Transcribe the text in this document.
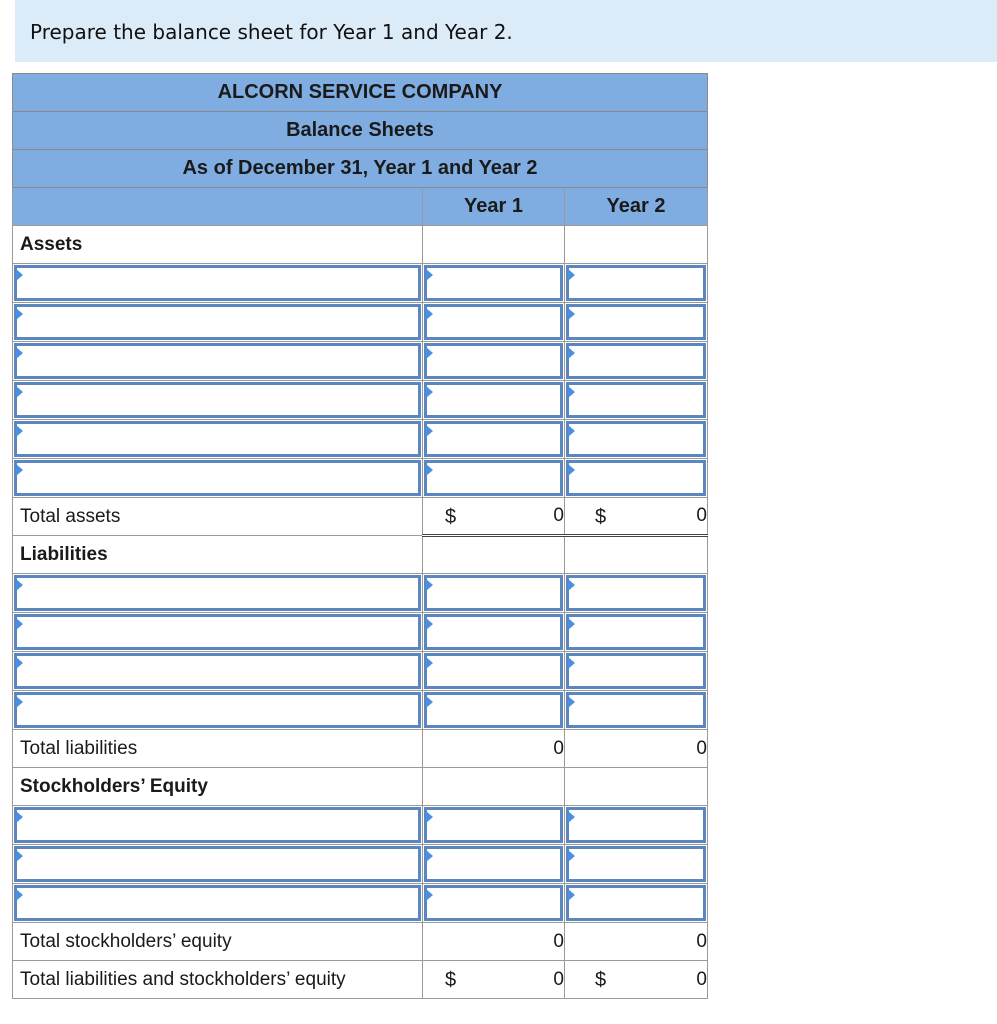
Prepare the balance sheet for Year 1 and Year 2.
ALCORN SERVICE COMPANY		
Balance Sheets		
As of December 31, Year 1 and Year 2		
	Year 1	Year 2
Assets		

Total assets	$ 0	$ 0
Liabilities		

Total liabilities	0	0
Stockholders’ Equity		

Total stockholders’ equity	0	0
Total liabilities and stockholders’ equity	$ 0	$ 0
